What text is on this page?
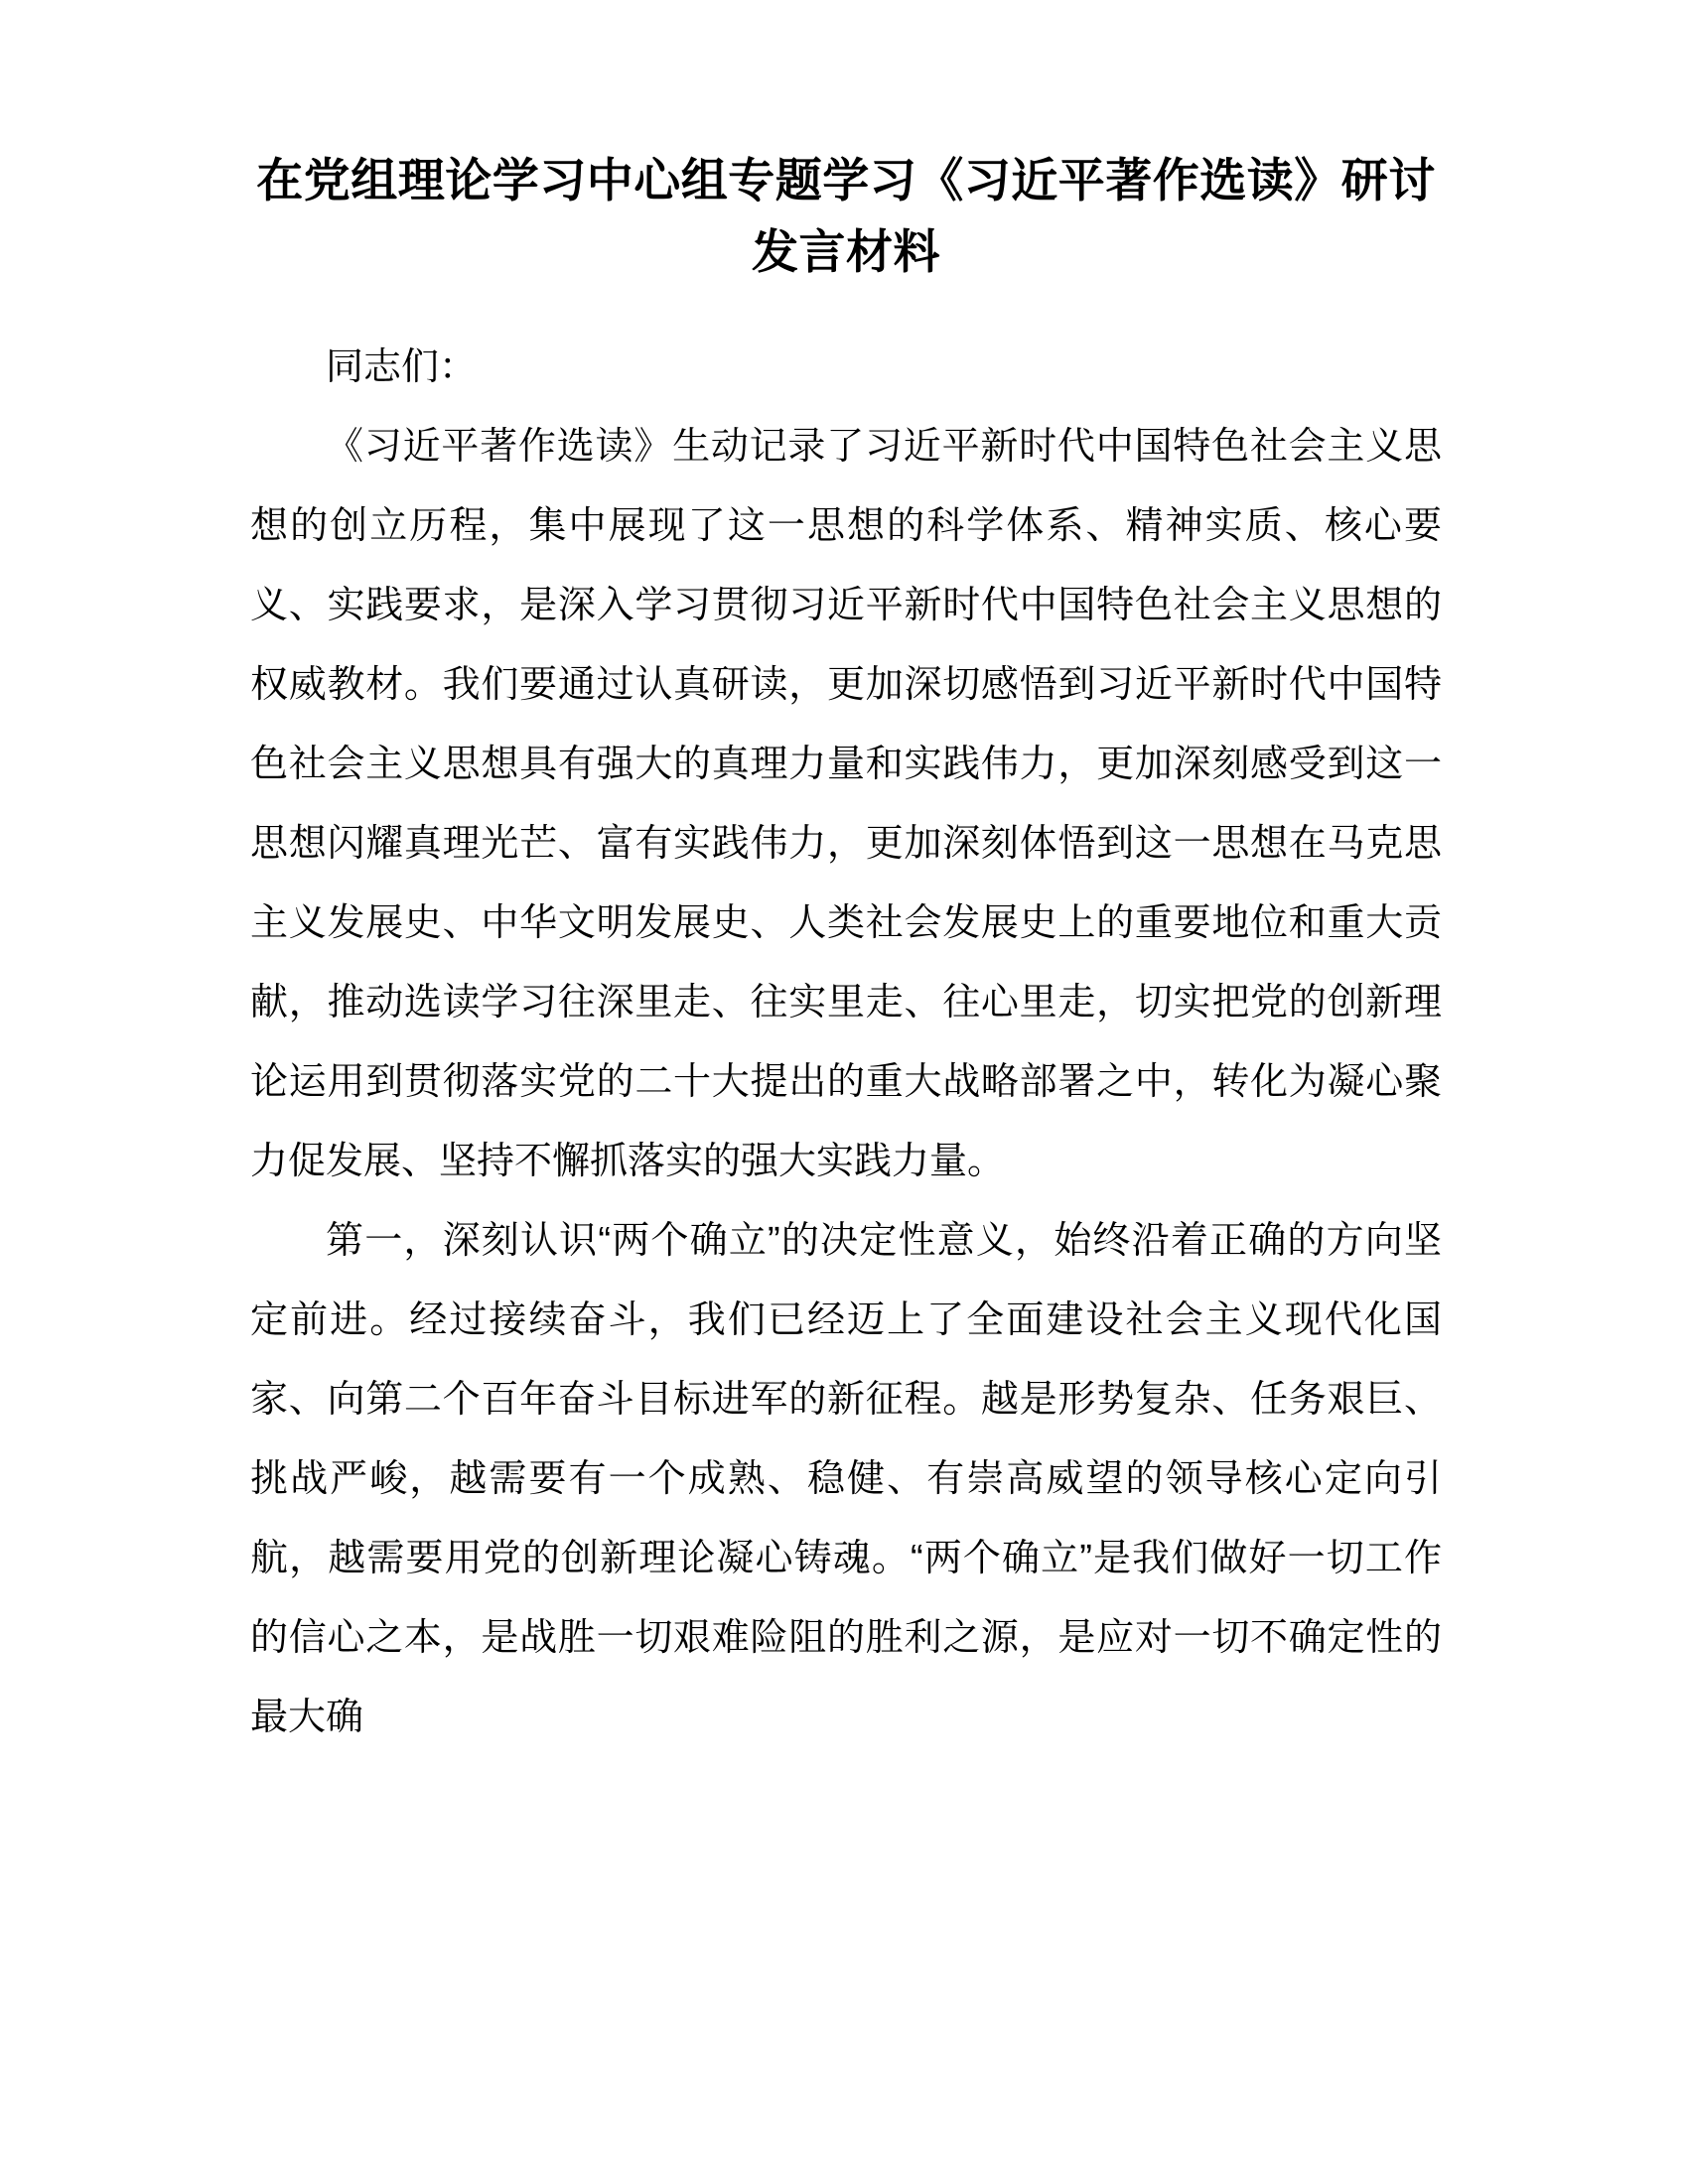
在党组理论学习中心组专题学习《习近平著作选读》研讨发言材料

同志们：

《习近平著作选读》生动记录了习近平新时代中国特色社会主义思想的创立历程，集中展现了这一思想的科学体系、精神实质、核心要义、实践要求，是深入学习贯彻习近平新时代中国特色社会主义思想的权威教材。我们要通过认真研读，更加深切感悟到习近平新时代中国特色社会主义思想具有强大的真理力量和实践伟力，更加深刻感受到这一思想闪耀真理光芒、富有实践伟力，更加深刻体悟到这一思想在马克思主义发展史、中华文明发展史、人类社会发展史上的重要地位和重大贡献，推动选读学习往深里走、往实里走、往心里走，切实把党的创新理论运用到贯彻落实党的二十大提出的重大战略部署之中，转化为凝心聚力促发展、坚持不懈抓落实的强大实践力量。

第一，深刻认识“两个确立”的决定性意义，始终沿着正确的方向坚定前进。经过接续奋斗，我们已经迈上了全面建设社会主义现代化国家、向第二个百年奋斗目标进军的新征程。越是形势复杂、任务艰巨、挑战严峻，越需要有一个成熟、稳健、有崇高威望的领导核心定向引航，越需要用党的创新理论凝心铸魂。“两个确立”是我们做好一切工作的信心之本，是战胜一切艰难险阻的胜利之源，是应对一切不确定性的最大确
